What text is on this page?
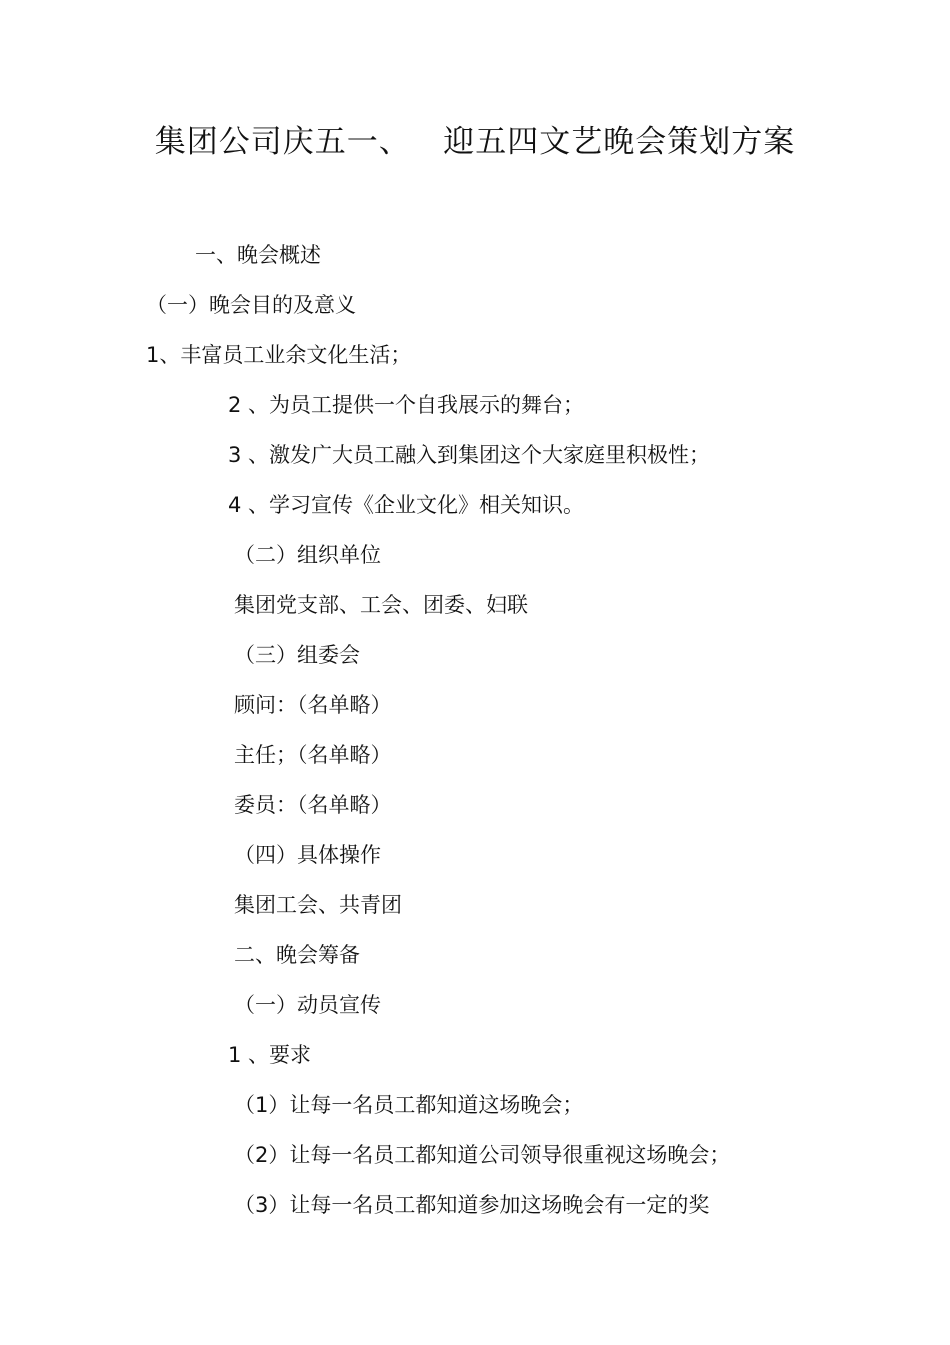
集团公司庆五一、   迎五四文艺晚会策划方案
一、晚会概述
（一）晚会目的及意义
1、丰富员工业余文化生活；
2 、为员工提供一个自我展示的舞台；
3 、激发广大员工融入到集团这个大家庭里积极性；
4 、学习宣传《企业文化》相关知识。
（二）组织单位
集团党支部、工会、团委、妇联
（三）组委会
顾问：（名单略）
主任；（名单略）
委员：（名单略）
（四）具体操作
集团工会、共青团
二、晚会筹备
（一）动员宣传
1 、要求
（1）让每一名员工都知道这场晚会；
（2）让每一名员工都知道公司领导很重视这场晚会；
（3）让每一名员工都知道参加这场晚会有一定的奖
